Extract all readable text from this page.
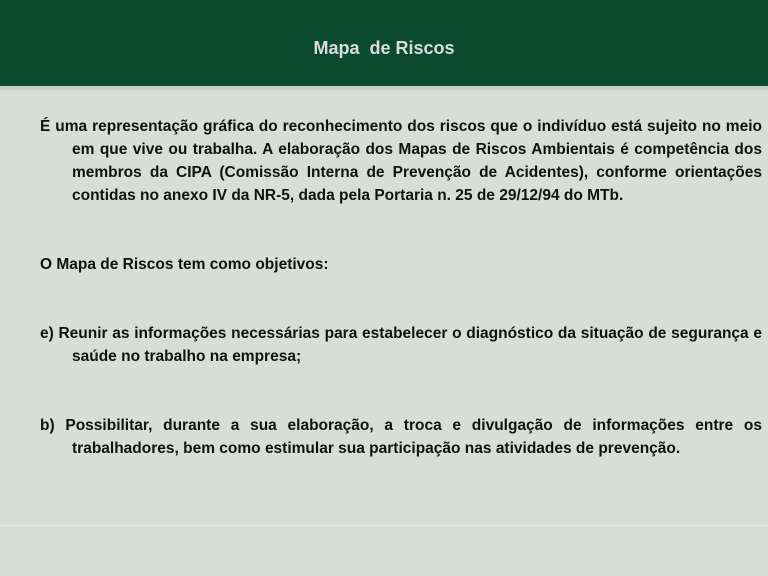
Mapa  de Riscos

É uma representação gráfica do reconhecimento dos riscos que o indivíduo está sujeito no meio em que vive ou trabalha. A elaboração dos Mapas de Riscos Ambientais é competência dos membros da CIPA (Comissão Interna de Prevenção de Acidentes), conforme orientações contidas no anexo IV da NR-5, dada pela Portaria n. 25 de 29/12/94 do MTb.

O Mapa de Riscos tem como objetivos:

e) Reunir as informações necessárias para estabelecer o diagnóstico da situação de segurança e saúde no trabalho na empresa;

b) Possibilitar, durante a sua elaboração, a troca e divulgação de informações entre os trabalhadores, bem como estimular sua participação nas atividades de prevenção.
